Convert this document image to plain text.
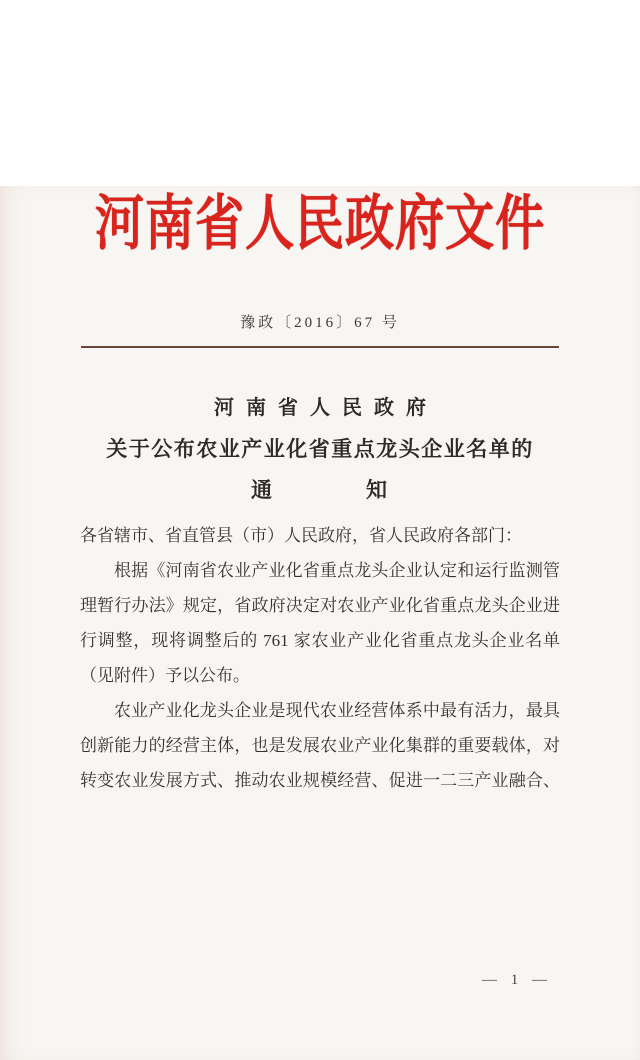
河南省人民政府文件
豫政〔2016〕67 号
河南省人民政府
关于公布农业产业化省重点龙头企业名单的
通　　　　知
各省辖市、省直管县（市）人民政府，省人民政府各部门：
根据《河南省农业产业化省重点龙头企业认定和运行监测管
理暂行办法》规定，省政府决定对农业产业化省重点龙头企业进
行调整，现将调整后的 761 家农业产业化省重点龙头企业名单
（见附件）予以公布。
农业产业化龙头企业是现代农业经营体系中最有活力，最具
创新能力的经营主体，也是发展农业产业化集群的重要载体，对
转变农业发展方式、推动农业规模经营、促进一二三产业融合、
— 1 —
